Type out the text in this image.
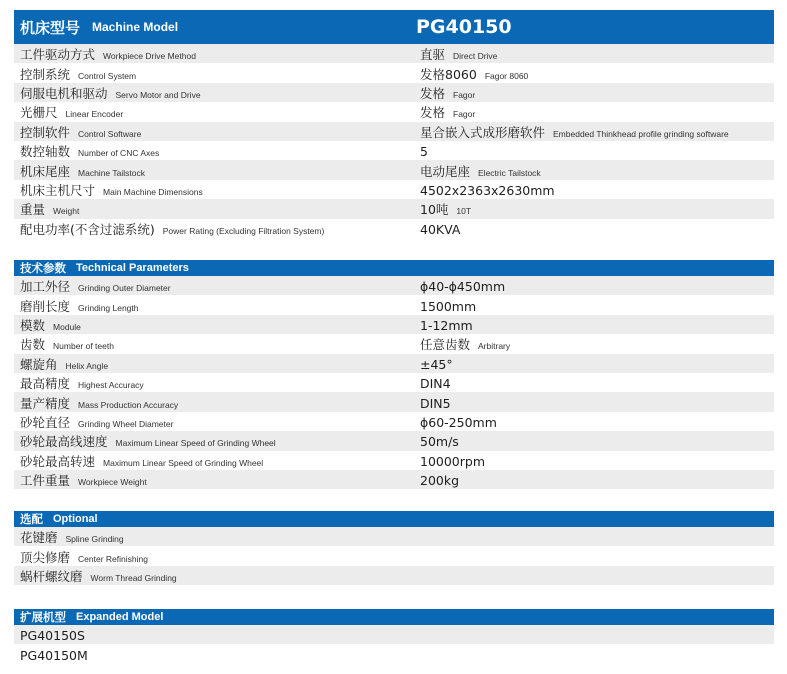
机床型号 Machine Model	PG40150
工件驱动方式 Workpiece Drive Method	直驱 Direct Drive
控制系统 Control System	发格8060 Fagor 8060
伺服电机和驱动 Servo Motor and Drive	发格 Fagor
光栅尺 Linear Encoder	发格 Fagor
控制软件 Control Software	星合嵌入式成形磨软件 Embedded Thinkhead profile grinding software
数控轴数 Number of CNC Axes	5
机床尾座 Machine Tailstock	电动尾座 Electric Tailstock
机床主机尺寸 Main Machine Dimensions	4502x2363x2630mm
重量 Weight	10吨 10T
配电功率(不含过滤系统) Power Rating (Excluding Filtration System)	40KVA
技术参数 Technical Parameters
加工外径 Grinding Outer Diameter	ϕ40-ϕ450mm
磨削长度 Grinding Length	1500mm
模数 Module	1-12mm
齿数 Number of teeth	任意齿数 Arbitrary
螺旋角 Helix Angle	±45°
最高精度 Highest Accuracy	DIN4
量产精度 Mass Production Accuracy	DIN5
砂轮直径 Grinding Wheel Diameter	ϕ60-250mm
砂轮最高线速度 Maximum Linear Speed of Grinding Wheel	50m/s
砂轮最高转速 Maximum Linear Speed of Grinding Wheel	10000rpm
工件重量 Workpiece Weight	200kg
选配 Optional
花键磨 Spline Grinding
顶尖修磨 Center Refinishing
蜗杆螺纹磨 Worm Thread Grinding
扩展机型 Expanded Model
PG40150S
PG40150M
